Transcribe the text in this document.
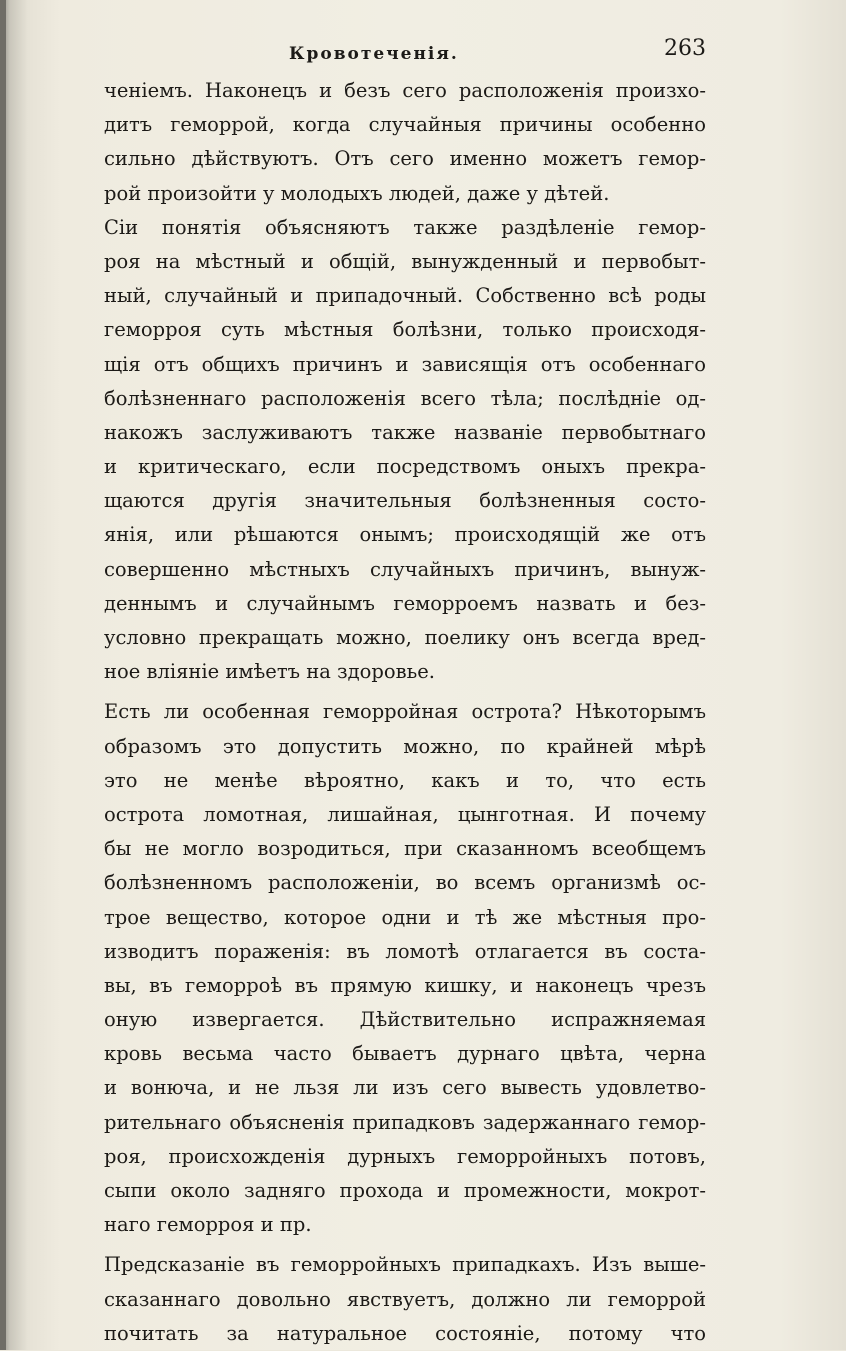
Кровотеченія.	263
ченіемъ. Наконецъ и безъ сего расположенія произхо-
дитъ геморрой, когда случайныя причины особенно
сильно дѣйствуютъ. Отъ сего именно можетъ гемор-
рой произойти у молодыхъ людей, даже у дѣтей.
Сіи понятія объясняютъ также раздѣленіе гемор-
роя на мѣстный и общій, вынужденный и первобыт-
ный, случайный и припадочный. Собственно всѣ роды
геморроя суть мѣстныя болѣзни, только происходя-
щія отъ общихъ причинъ и зависящія отъ особеннаго
болѣзненнаго расположенія всего тѣла; послѣдніе од-
накожъ заслуживаютъ также названіе первобытнаго
и критическаго, если посредствомъ оныхъ прекра-
щаются другія значительныя болѣзненныя состо-
янія, или рѣшаются онымъ; происходящій же отъ
совершенно мѣстныхъ случайныхъ причинъ, вынуж-
деннымъ и случайнымъ геморроемъ назвать и без-
условно прекращать можно, поелику онъ всегда вред-
ное вліяніе имѣетъ на здоровье.
Есть ли особенная геморройная острота? Нѣкоторымъ
образомъ это допустить можно, по крайней мѣрѣ
это не менѣе вѣроятно, какъ и то, что есть
острота ломотная, лишайная, цынготная. И почему
бы не могло возродиться, при сказанномъ всеобщемъ
болѣзненномъ расположеніи, во всемъ организмѣ ос-
трое вещество, которое одни и тѣ же мѣстныя про-
изводитъ пораженія: въ ломотѣ отлагается въ соста-
вы, въ геморроѣ въ прямую кишку, и наконецъ чрезъ
оную извергается. Дѣйствительно испражняемая
кровь весьма часто бываетъ дурнаго цвѣта, черна
и вонюча, и не льзя ли изъ сего вывесть удовлетво-
рительнаго объясненія припадковъ задержаннаго гемор-
роя, происхожденія дурныхъ геморройныхъ потовъ,
сыпи около задняго прохода и промежности, мокрот-
наго геморроя и пр.
Предсказаніе въ геморройныхъ припадкахъ. Изъ выше-
сказаннаго довольно явствуетъ, должно ли геморрой
почитать за натуральное состояніе, потому что
